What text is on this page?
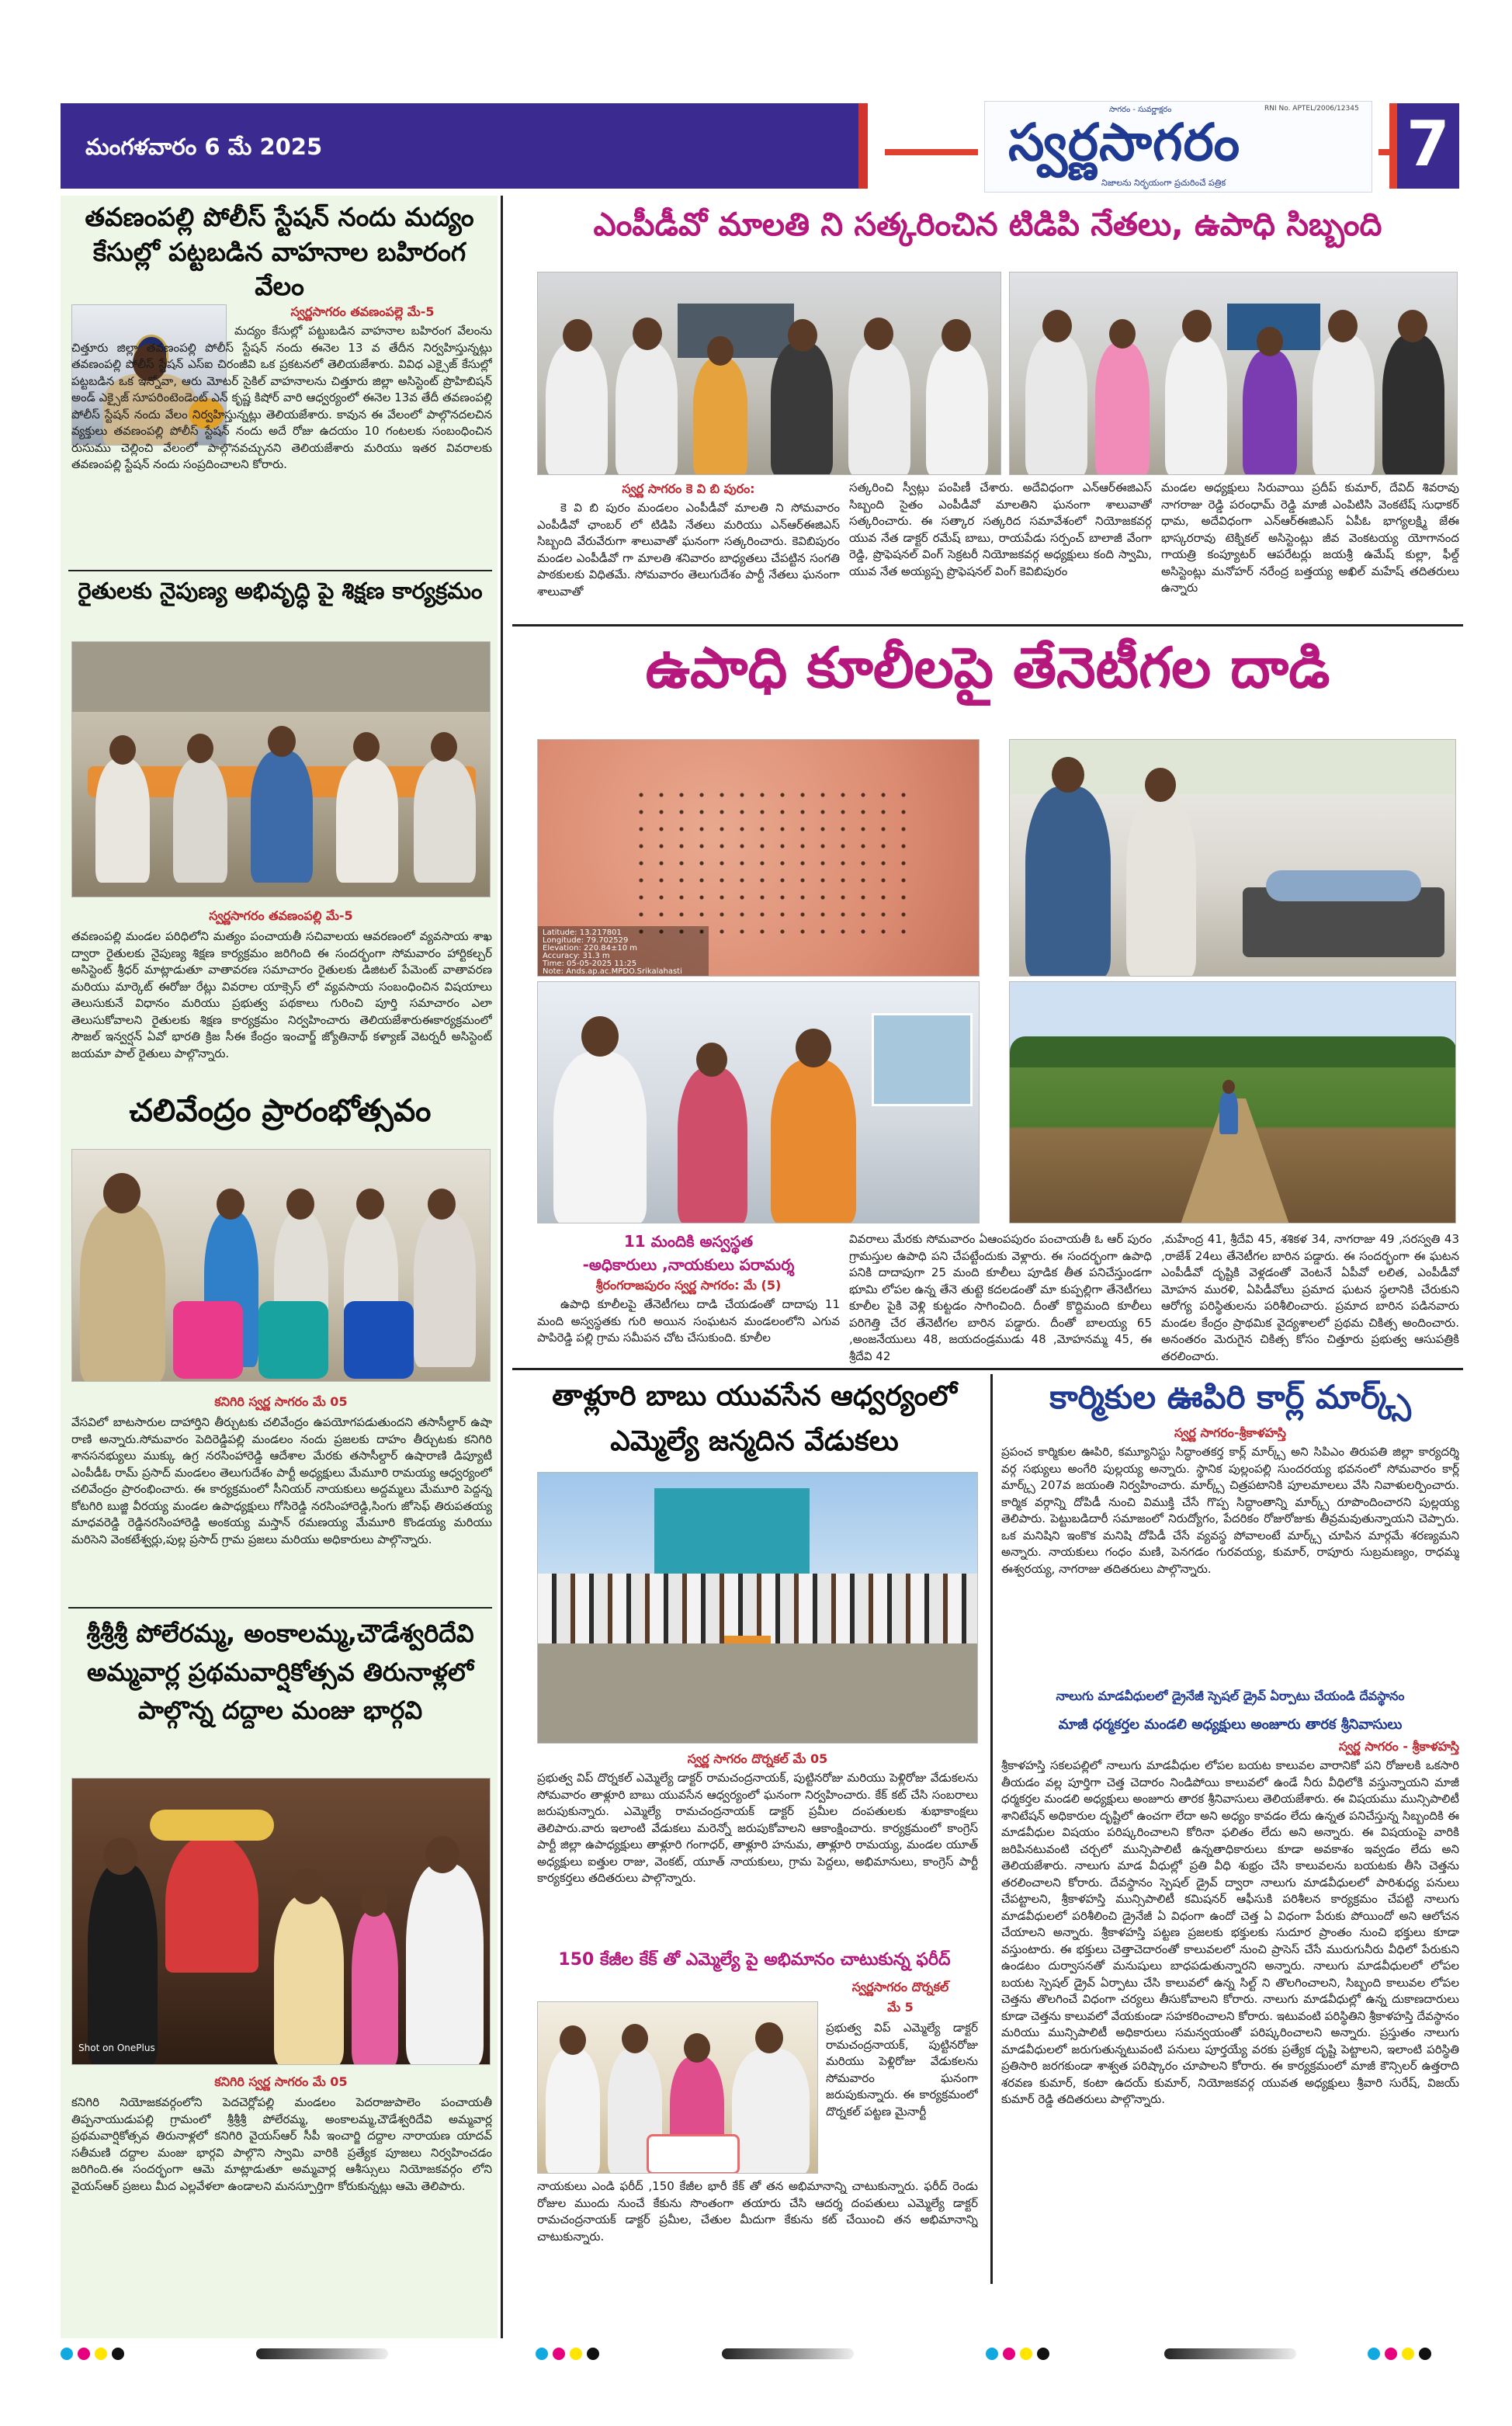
మంగళవారం 6 మే 2025
సాగరం - సువర్ణాక్షరం	RNI No. APTEL/2006/12345
స్వర్ణసాగరం
నిజాలను నిర్భయంగా ప్రచురించే పత్రిక
7
తవణంపల్లి పోలీస్ స్టేషన్ నందు మద్యం కేసుల్లో పట్టబడిన వాహనాల బహిరంగ వేలం
స్వర్ణసాగరం తవణంపల్లె మే-5
మద్యం కేసుల్లో పట్టుబడిన వాహనాల బహిరంగ వేలంను చిత్తూరు జిల్లా తవణంపల్లి పోలీస్ స్టేషన్ నందు ఈనెల 13 వ తేదీన నిర్వహిస్తున్నట్లు తవణంపల్లి పోలీస్ స్టేషన్ ఎస్ఐ చిరంజీవి ఒక ప్రకటనలో తెలియజేశారు. వివిధ ఎక్సైజ్ కేసుల్లో పట్టబడిన ఒక ఇన్నోవా, ఆరు మోటర్ సైకిల్ వాహనాలను చిత్తూరు జిల్లా అసిస్టెంట్ ప్రొహిబిషన్ అండ్ ఎక్సైజ్ సూపరింటెండెంట్ ఎన్ కృష్ణ కిషోర్ వారి ఆధ్వర్యంలో ఈనెల 13వ తేదీ తవణంపల్లి పోలీస్ స్టేషన్ నందు వేలం నిర్వహిస్తున్నట్లు తెలియజేశారు. కావున ఈ వేలంలో పాల్గొనదలచిన వ్యక్తులు తవణంపల్లి పోలీస్ స్టేషన్ నందు అదే రోజు ఉదయం 10 గంటలకు సంబంధించిన రుసుము చెల్లించి వేలంలో పాల్గొనవచ్చునని తెలియజేశారు మరియు ఇతర వివరాలకు తవణంపల్లి స్టేషన్ నందు సంప్రదించాలని కోరారు.
రైతులకు నైపుణ్య అభివృద్ధి పై శిక్షణ కార్యక్రమం
స్వర్ణసాగరం తవణంపల్లి మే-5
తవణంపల్లి మండల పరిధిలోని మత్యం పంచాయతీ సచివాలయ ఆవరణంలో వ్యవసాయ శాఖ ద్వారా రైతులకు నైపుణ్య శిక్షణ కార్యక్రమం జరిగింది ఈ సందర్భంగా సోమవారం హార్టికల్చర్ అసిస్టెంట్ శ్రీధర్ మాట్లాడుతూ వాతావరణ సమాచారం రైతులకు డిజిటల్ పేమెంట్ వాతావరణ మరియు మార్కెట్ ఈరోజు రేట్లు వివరాల యాక్సెస్ లో వ్యవసాయ సంబంధించిన విషయాలు తెలుసుకునే విధానం మరియు ప్రభుత్వ పథకాలు గురించి పూర్తి సమాచారం ఎలా తెలుసుకోవాలని రైతులకు శిక్షణ కార్యక్రమం నిర్వహించారు తెలియజేశారుఈకార్యక్రమంలో సౌజల్ ఇన్వర్షన్ ఏవో భారతి క్రిజ సీఈ కేంద్రం ఇంచార్జ్ జ్యోతినాథ్ కళ్యాణ్ వెటర్నరీ అసిస్టెంట్ జయమా పాల్ రైతులు పాల్గొన్నారు.
చలివేంద్రం ప్రారంభోత్సవం
కనిగిరి స్వర్ణ సాగరం మే 05
వేసవిలో బాటసారుల దాహార్తిని తీర్చుటకు చలివేంద్రం ఉపయోగపడుతుందని తసాసీల్దార్ ఉషా రాణి అన్నారు.సోమవారం పెదిరెడ్డిపల్లి మండలం నందు ప్రజలకు దాహం తీర్చుటకు కనిగిరి శానసనభ్యులు ముక్కు ఉగ్ర నరసింహారెడ్డి ఆదేశాల మేరకు తసాసీల్దార్ ఉషారాణి డిప్యూటీ ఎంపీడీఓ రామ్ ప్రసాద్ మండలం తెలుగుదేశం పార్టీ అధ్యక్షులు మేమూరి రామయ్య ఆధ్వర్యంలో చలివేంద్రం ప్రారంభించారు. ఈ కార్యక్రమంలో సీనియర్ నాయకులు అద్దమ్మలు మేమూరి పెద్దన్న కోటగిరి బుజ్జి వీరయ్య మండల ఉపాధ్యక్షులు గోసిరెడ్డి నరసింహారెడ్డి,సింగు జోసెఫ్ తిరుపతయ్య మాధవరెడ్డి రెడ్డినరసింహారెడ్డి అంకయ్య మస్తాన్ రమణయ్య మేమూరి కొండయ్య మరియు మరిసెని వెంకటేశ్వర్లు,పుల్ల ప్రసాద్ గ్రామ ప్రజలు మరియు అధికారులు పాల్గొన్నారు.
శ్రీశ్రీశ్రీ పోలేరమ్మ, అంకాలమ్మ,చౌడేశ్వరిదేవి అమ్మవార్ల ప్రథమవార్షికోత్సవ తిరునాళ్లలో పాల్గొన్న దద్దాల మంజు భార్గవి
Shot on OnePlus
కనిగిరి స్వర్ణ సాగరం మే 05
కనిగిరి నియోజకవర్గంలోని పెదచెర్లోపల్లి మండలం పెదరాజుపాలెం పంచాయతీ తిప్పనాయుడుపల్లి గ్రామంలో శ్రీశ్రీశ్రీ పోలేరమ్మ, అంకాలమ్మ,చౌడేశ్వరిదేవి అమ్మవార్ల ప్రథమవార్షికోత్సవ తిరునాళ్లలో కనిగిరి వైయస్ఆర్ సీపీ ఇంచార్జి దద్దాల నారాయణ యాదవ్ సతీమణి దద్దాల మంజు భార్గవి పాల్గొని స్వామి వారికి ప్రత్యేక పూజలు నిర్వహించడం జరిగింది.ఈ సందర్భంగా ఆమె మాట్లాడుతూ అమ్మవార్ల ఆశీస్సులు నియోజకవర్గం లోని వైయస్ఆర్ ప్రజలు మీద ఎల్లవేళలా ఉండాలని మనస్పూర్తిగా కోరుకున్నట్లు ఆమె తెలిపారు.
ఎంపీడీవో మాలతి ని సత్కరించిన టిడిపి నేతలు, ఉపాధి సిబ్బంది
స్వర్ణ సాగరం కె వి బి పురం:
కె వి బి పురం మండలం ఎంపీడీవో మాలతి ని సోమవారం ఎంపీడీవో ఛాంబర్ లో టిడిపి నేతలు మరియు ఎన్ఆర్ఈజిఎస్ సిబ్బంది వేరువేరుగా శాలువాతో ఘనంగా సత్కరించారు. కెవిబిపురం మండల ఎంపీడీవో గా మాలతి శనివారం బాధ్యతలు చేపట్టిన సంగతి పాఠకులకు విధితమే. సోమవారం తెలుగుదేశం పార్టీ నేతలు ఘనంగా శాలువాతో
సత్కరించి స్వీట్లు పంపిణీ చేశారు. అదేవిధంగా ఎన్ఆర్ఈజిఎస్ సిబ్బంది సైతం ఎంపీడీవో మాలతిని ఘనంగా శాలువాతో సత్కరించారు. ఈ సత్కార సత్కరిద సమావేశంలో నియోజకవర్గ యువ నేత డాక్టర్ రమేష్ బాబు, రాయపేడు సర్పంచ్ బాలాజీ వేంగా రెడ్డి, ప్రొఫెషనల్ వింగ్ సెక్రటరీ నియోజకవర్గ అధ్యక్షులు కంది స్వామి, యువ నేత అయ్యప్ప ప్రొఫెషనల్ వింగ్ కెవిబిపురం
మండల అధ్యక్షులు సిరువాయి ప్రదీప్ కుమార్, దేవిద్ శివరావు నాగరాజు రెడ్డి పరంధామ్ రెడ్డి మాజీ ఎంపిటిసి వెంకటేష్ సుధాకర్ ధామ, అదేవిధంగా ఎన్ఆర్ఈజిఎస్ ఏపీఓ భాగ్యలక్ష్మి జేఈ భాస్కరరావు టెక్నికల్ అసిస్టెంట్లు జీవ వెంకటయ్య యోగానంద గాయత్రి కంప్యూటర్ ఆపరేటర్లు జయశ్రీ ఉమేష్ కుల్లా, ఫీల్డ్ అసిస్టెంట్లు మనోహర్ నరేంద్ర బత్తయ్య అఖిల్ మహేష్ తదితరులు ఉన్నారు
ఉపాధి కూలీలపై తేనెటీగల దాడి
Latitude: 13.217801
Longitude: 79.702529
Elevation: 220.84±10 m
Accuracy: 31.3 m
Time: 05-05-2025 11:25
Note: Ands.ap.ac.MPDO.Srikalahasti
11 మందికి అస్వస్థత
-అధికారులు ,నాయకులు పరామర్శ
శ్రీరంగరాజపురం స్వర్ణ సాగరం: మే (5)
ఉపాధి కూలీలపై తేనెటీగలు దాడి చేయడంతో దాదాపు 11 మంది అస్వస్థతకు గురి అయిన సంఘటన మండలంలోని ఎగువ పాపిరెడ్డి పల్లి గ్రామ సమీపన చోట చేసుకుంది. కూలీల
వివరాలు మేరకు సోమవారం ఏఆంపపురం పంచాయతీ ఓ ఆర్ పురం గ్రామస్తుల ఉపాధి పని చేపట్టేందుకు వెళ్లారు. ఈ సందర్భంగా ఉపాధి పనికి దాదాపుగా 25 మంది కూలీలు పూడిక తీత పనిచేస్తుండగా భూమి లోపల ఉన్న తేనె తుట్టె కదలడంతో మా కుప్పల్లిగా తేనెటీగలు కూలీల పైకి వెళ్లి కుట్టడం సాగించింది. దీంతో కొద్దిమంది కూలీలు పరిగెత్తి చేర తేనెటీగల బారిన పడ్డారు. దీంతో బాలయ్య 65 ,అంజనేయులు 48, జయదండ్రముడు 48 ,మోహనమ్మ 45, ఈ శ్రీదేవి 42
,మహేంద్ర 41, శ్రీదేవి 45, శశికళ 34, నాగరాజు 49 ,సరస్వతి 43 ,రాజేశ్ 24లు తేనెటీగల బారిన పడ్డారు. ఈ సందర్భంగా ఈ ఘటన ఎంపీడీవో దృష్టికి వెళ్లడంతో వెంటనే ఏపీవో లలిత, ఎంపీడీవో మోహన మురళి, ఏపిడీవోలు ప్రమాద ఘటన స్థలానికి చేరుకుని ఆరోగ్య పరిస్థితులను పరిశీలించారు. ప్రమాద బారిన పడినవారు మండల కేంద్రం ప్రాథమిక వైద్యశాలలో ప్రథమ చికిత్స అందించారు. అనంతరం మెరుగైన చికిత్స కోసం చిత్తూరు ప్రభుత్వ ఆసుపత్రికి తరలించారు.
తాళ్లూరి బాబు యువసేన ఆధ్వర్యంలో ఎమ్మెల్యే జన్మదిన వేడుకలు
స్వర్ణ సాగరం దొర్నకల్ మే 05
ప్రభుత్వ విప్ దొర్నకల్ ఎమ్మెల్యే డాక్టర్ రామచంద్రనాయక్, పుట్టినరోజు మరియు పెళ్లిరోజు వేడుకలను సోమవారం తాళ్లూరి బాబు యువసేన ఆధ్వర్యంలో ఘనంగా నిర్వహించారు. కేక్ కట్ చేసి సంబరాలు జరుపుకున్నారు. ఎమ్మెల్యే రామచంద్రనాయక్ డాక్టర్ ప్రమీల దంపతులకు శుభాకాంక్షలు తెలిపారు.వారు ఇలాంటి వేడుకలు మరెన్నో జరుపుకోవాలని ఆకాంక్షించారు. కార్యక్రమంలో కాంగ్రెస్ పార్టీ జిల్లా ఉపాధ్యక్షులు తాళ్లూరి గంగాధర్, తాళ్లూరి హనుమ, తాళ్లూరి రామయ్య, మండల యూత్ అధ్యక్షులు ఐత్తుల రాజు, వెంకట్, యూత్ నాయకులు, గ్రామ పెద్దలు, అభిమానులు, కాంగ్రెస్ పార్టీ కార్యకర్తలు తదితరులు పాల్గొన్నారు.
150 కేజీల కేక్ తో ఎమ్మెల్యే పై అభిమానం చాటుకున్న ఫరీద్
స్వర్ణసాగరం దొర్నకల్
మే 5
ప్రభుత్వ విప్ ఎమ్మెల్యే డాక్టర్ రామచంద్రనాయక్, పుట్టినరోజు మరియు పెళ్లిరోజు వేడుకలను సోమవారం ఘనంగా జరుపుకున్నారు. ఈ కార్యక్రమంలో దొర్నకల్ పట్టణ మైనార్టీ
నాయకులు ఎండి ఫరీద్ ,150 కేజీల భారీ కేక్ తో తన అభిమానాన్ని చాటుకున్నారు. ఫరీద్ రెండు రోజుల ముందు నుంచే కేకును సొంతంగా తయారు చేసి ఆదర్శ దంపతులు ఎమ్మెల్యే డాక్టర్ రామచంద్రనాయక్ డాక్టర్ ప్రమీల, చేతుల మీదుగా కేకును కట్ చేయించి తన అభిమానాన్ని చాటుకున్నారు.
కార్మికుల ఊపిరి కార్ల్ మార్క్స్
స్వర్ణ సాగరం-శ్రీకాళహస్తి
ప్రపంచ కార్మికుల ఊపిరి, కమ్యూనిస్టు సిద్ధాంతకర్త కార్ల్ మార్క్స్ అని సిపిఎం తిరుపతి జిల్లా కార్యదర్శి వర్గ సభ్యులు అంగేరి పుల్లయ్య అన్నారు. స్థానిక పుల్లంపల్లి సుందరయ్య భవనంలో సోమవారం కార్ల్ మార్క్స్ 207వ జయంతి నిర్వహించారు. మార్క్స్ చిత్రపటానికి పూలమాలలు వేసి నివాళులర్పించారు. కార్మిక వర్గాన్ని దోపిడీ నుంచి విముక్తి చేసే గొప్ప సిద్ధాంతాన్ని మార్క్స్ రూపొందించారని పుల్లయ్య తెలిపారు. పెట్టుబడిదారీ సమాజంలో నిరుద్యోగం, పేదరికం రోజురోజుకు తీవ్రమవుతున్నాయని చెప్పారు. ఒక మనిషిని ఇంకొక మనిషి దోపిడీ చేసే వ్యవస్థ పోవాలంటే మార్క్స్ చూపిన మార్గమే శరణ్యమని అన్నారు. నాయకులు గంధం మణి, పెనగడం గురవయ్య, కుమార్, రాపూరు సుబ్రమణ్యం, రాధమ్మ ఈశ్వరయ్య, నాగరాజు తదితరులు పాల్గొన్నారు.
నాలుగు మాడవీధులలో డ్రైనేజీ స్పెషల్ డ్రైవ్ ఏర్పాటు చేయండి దేవస్థానం
మాజీ ధర్మకర్తల మండలి అధ్యక్షులు అంజూరు తారక శ్రీనివాసులు
స్వర్ణ సాగరం - శ్రీకాళహస్తి
శ్రీకాళహస్తి సకలపల్లిలో నాలుగు మాడవీధుల లోపల బయట కాలువల వారానికో పని రోజులకి ఒకసారి తీయడం వల్ల పూర్తిగా చెత్త చెదారం నిండిపోయి కాలువలో ఉండే నీరు వీధిలోకి వస్తున్నాయని మాజీ ధర్మకర్తల మండలి అధ్యక్షులు అంజూరు తారక శ్రీనివాసులు తెలియజేశారు. ఈ విషయము మున్సిపాలిటీ శానిటేషన్ అధికారుల దృష్టిలో ఉంచగా లేదా అని అధ్యం కావడం లేదు ఉన్నత పనిచేస్తున్న సిబ్బందికి ఈ మాడవీధుల విషయం పరిష్కరించాలని కోరినా ఫలితం లేదు అని అన్నారు. ఈ విషయంపై వారికి జరిపినటువంటి చర్చలో మున్సిపాలిటీ ఉన్నతాధికారులు కూడా అవకాశం ఇవ్వడం లేదు అని తెలియజేశారు. నాలుగు మాడ వీధుల్లో ప్రతి వీధి శుభ్రం చేసి కాలువలను బయటకు తీసి చెత్తను తరలించాలని కోరారు. దేవస్థానం స్పెషల్ డ్రైవ్ ద్వారా నాలుగు మాడవీధులలో పారిశుధ్య పనులు చేపట్టాలని, శ్రీకాళహస్తి మున్సిపాలిటీ కమిషనర్ ఆఫీసుకి పరిశీలన కార్యక్రమం చేపట్టి నాలుగు మాడవీధులలో పరిశీలించి డ్రైనేజీ ఏ విధంగా ఉందో చెత్త ఏ విధంగా పేరుకు పోయిందో అని ఆలోచన చేయాలని అన్నారు. శ్రీకాళహస్తి పట్టణ ప్రజలకు భక్తులకు సుదూర ప్రాంతం నుంచి భక్తులు కూడా వస్తుంటారు. ఈ భక్తులు చెత్తాచెదారంతో కాలువలలో నుంచి ప్రాసెస్ చేసే మురుగునీరు వీధిలో పేరుకుని ఉండటం దుర్వాసనతో మనుషులు బాధపడుతున్నారని అన్నారు. నాలుగు మాడవీధులలో లోపల బయట స్పెషల్ డ్రైవ్ ఏర్పాటు చేసి కాలువలో ఉన్న సిల్ట్ ని తొలగించాలని, సిబ్బంది కాలువల లోపల చెత్తను తొలగించే విధంగా చర్యలు తీసుకోవాలని కోరారు. నాలుగు మాడవీధుల్లో ఉన్న దుకాణదారులు కూడా చెత్తను కాలువలో వేయకుండా సహకరించాలని కోరారు. ఇటువంటి పరిస్థితిని శ్రీకాళహస్తి దేవస్థానం మరియు మున్సిపాలిటీ అధికారులు సమన్వయంతో పరిష్కరించాలని అన్నారు. ప్రస్తుతం నాలుగు మాడవీధులలో జరుగుతున్నటువంటి పనులు పూర్తయ్యే వరకు ప్రత్యేక దృష్టి పెట్టాలని, ఇలాంటి పరిస్థితి ప్రతిసారి జరగకుండా శాశ్వత పరిష్కారం చూపాలని కోరారు. ఈ కార్యక్రమంలో మాజీ కౌన్సిలర్ ఉత్తరాది శరవణ కుమార్, కంటా ఉదయ్ కుమార్, నియోజకవర్గ యువత అధ్యక్షులు శ్రీవారి సురేష్, విజయ్ కుమార్ రెడ్డి తదితరులు పాల్గొన్నారు.
